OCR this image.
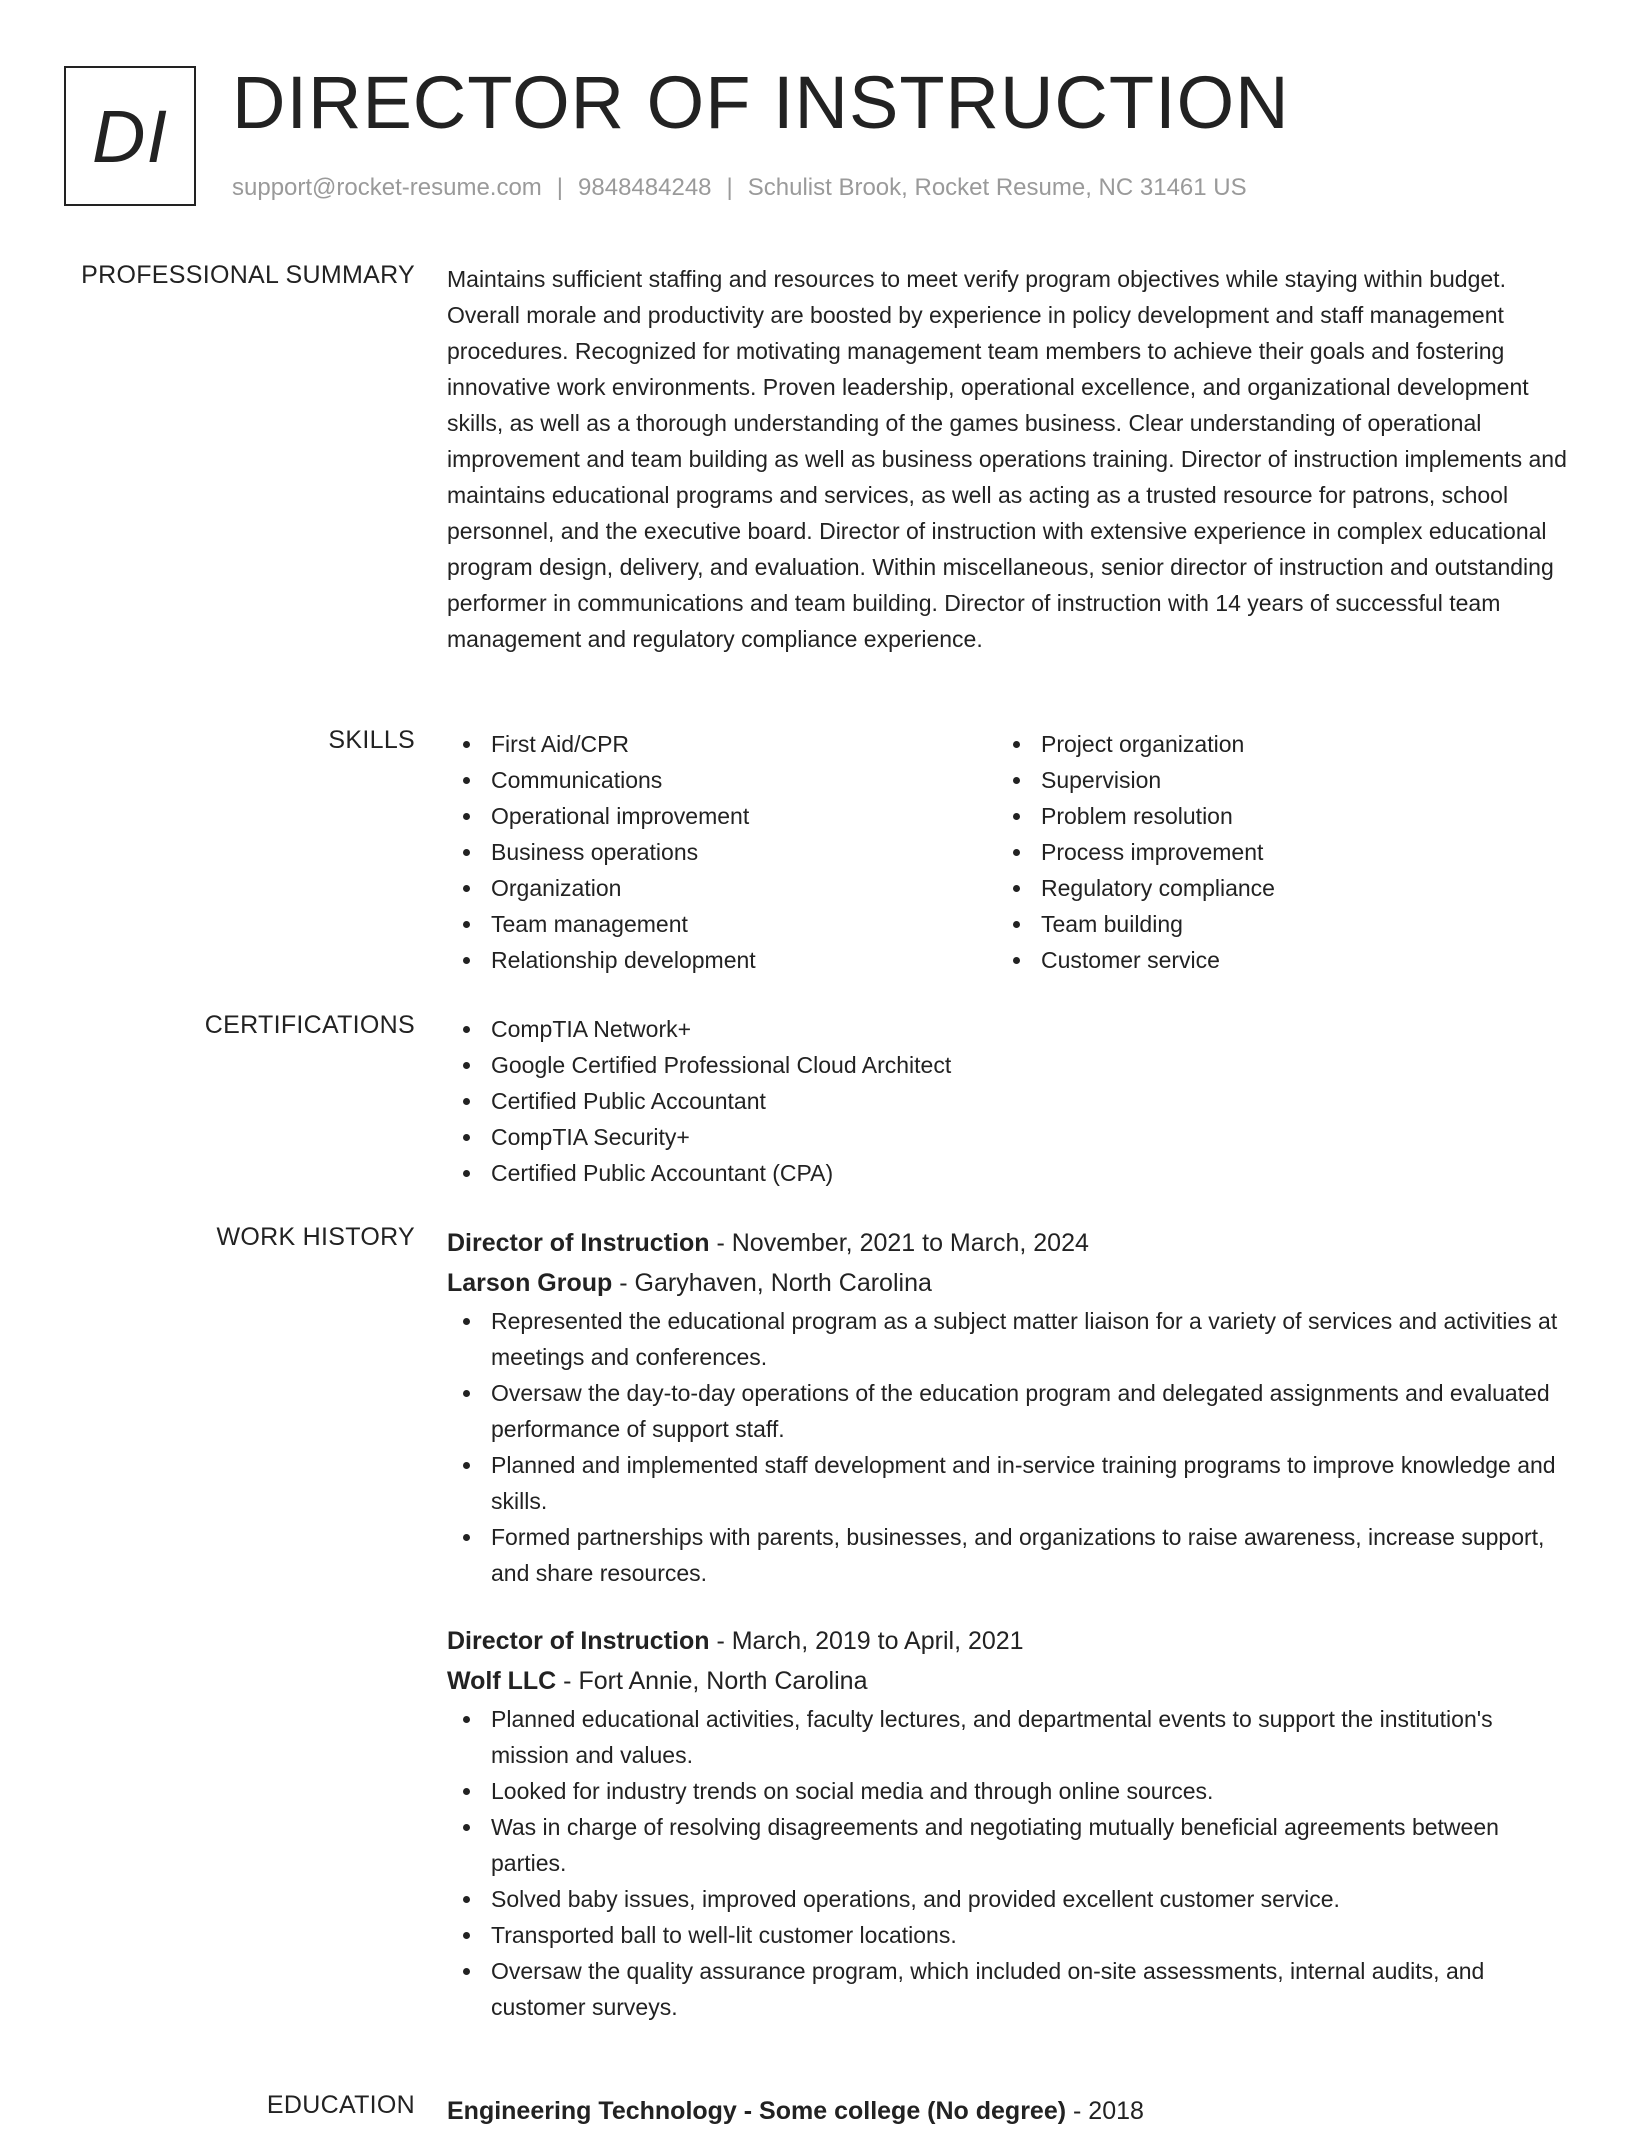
DI DIRECTOR OF INSTRUCTION
support@rocket-resume.com | 9848484248 | Schulist Brook, Rocket Resume, NC 31461 US
PROFESSIONAL SUMMARY Maintains sufficient staffing and resources to meet verify program objectives while staying within budget. Overall morale and productivity are boosted by experience in policy development and staff management procedures. Recognized for motivating management team members to achieve their goals and fostering innovative work environments. Proven leadership, operational excellence, and organizational development skills, as well as a thorough understanding of the games business. Clear understanding of operational improvement and team building as well as business operations training. Director of instruction implements and maintains educational programs and services, as well as acting as a trusted resource for patrons, school personnel, and the executive board. Director of instruction with extensive experience in complex educational program design, delivery, and evaluation. Within miscellaneous, senior director of instruction and outstanding performer in communications and team building. Director of instruction with 14 years of successful team management and regulatory compliance experience.

SKILLS	First Aid/CPR
Communications
Operational improvement
Business operations
Organization
Team management
Relationship development
Project organization
Supervision
Problem resolution
Process improvement
Regulatory compliance
Team building
Customer service
CERTIFICATIONS	CompTIA Network+
Google Certified Professional Cloud Architect
Certified Public Accountant
CompTIA Security+
Certified Public Accountant (CPA)
WORK HISTORY Director of Instruction - November, 2021 to March, 2024
Larson Group - Garyhaven, North Carolina
Represented the educational program as a subject matter liaison for a variety of services and activities at meetings and conferences.
Oversaw the day-to-day operations of the education program and delegated assignments and evaluated performance of support staff.
Planned and implemented staff development and in-service training programs to improve knowledge and skills.
Formed partnerships with parents, businesses, and organizations to raise awareness, increase support, and share resources.
Director of Instruction - March, 2019 to April, 2021
Wolf LLC - Fort Annie, North Carolina
Planned educational activities, faculty lectures, and departmental events to support the institution's mission and values.
Looked for industry trends on social media and through online sources.
Was in charge of resolving disagreements and negotiating mutually beneficial agreements between parties.
Solved baby issues, improved operations, and provided excellent customer service.
Transported ball to well-lit customer locations.
Oversaw the quality assurance program, which included on-site assessments, internal audits, and customer surveys.
EDUCATION Engineering Technology - Some college (No degree) - 2018
